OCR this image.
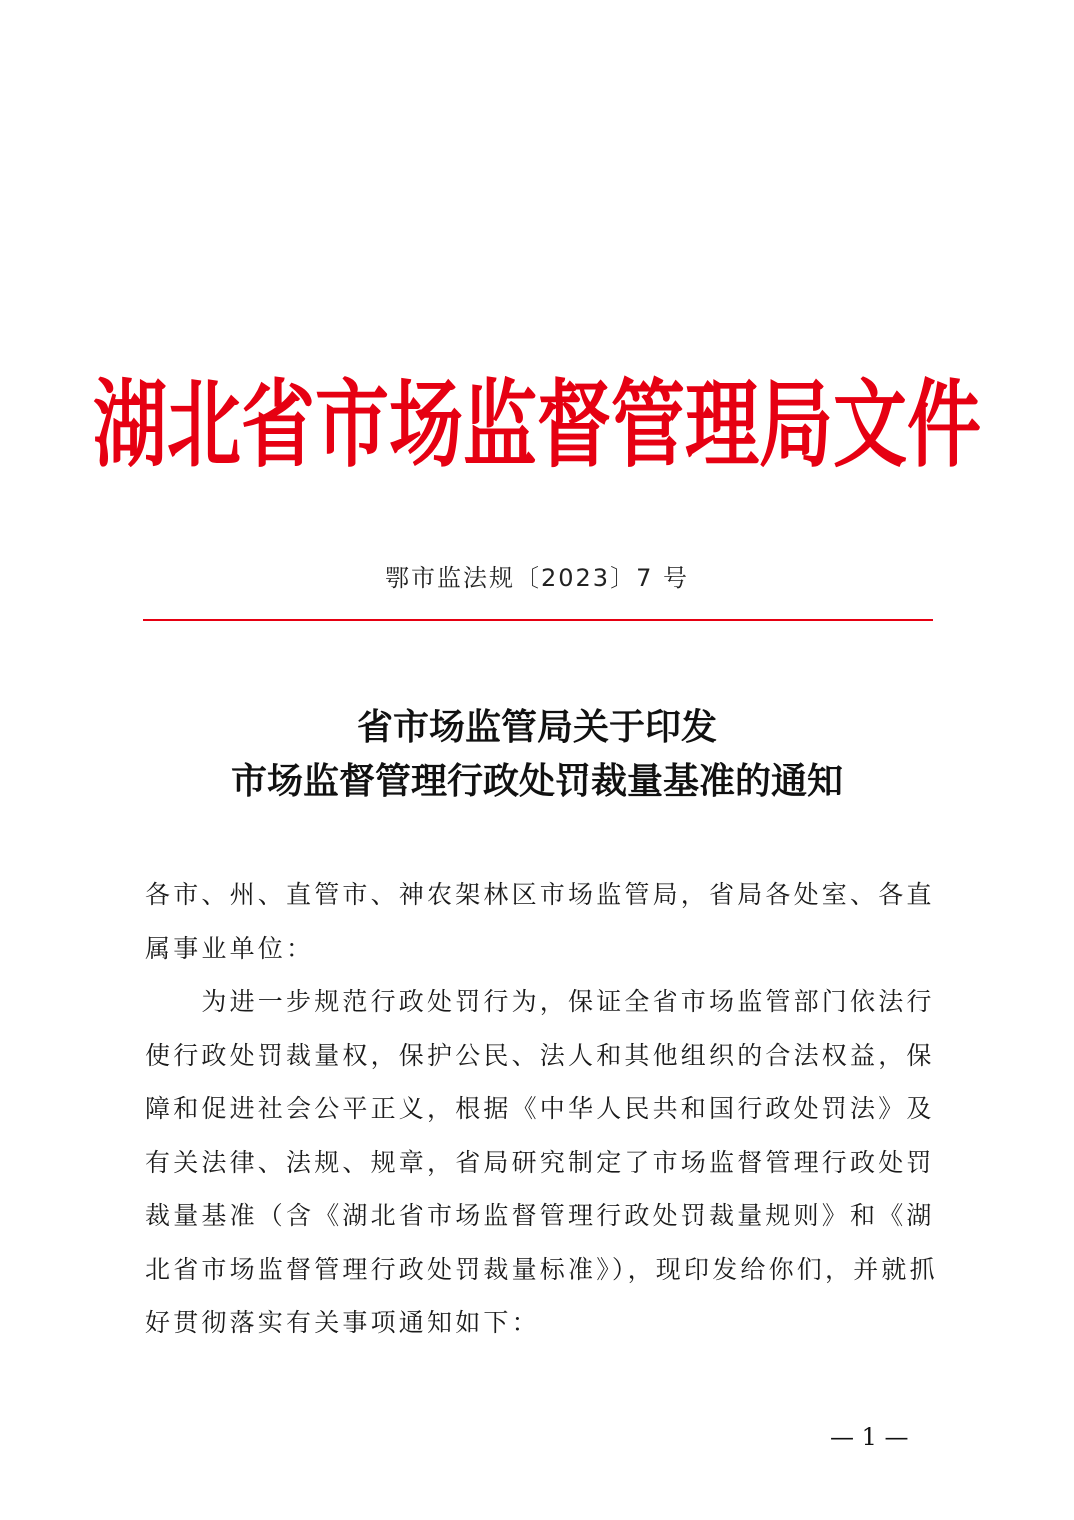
湖北省市场监督管理局文件
鄂市监法规〔2023〕7 号
省市场监管局关于印发
市场监督管理行政处罚裁量基准的通知
各市、州、直管市、神农架林区市场监管局，省局各处室、各直
属事业单位：
　　为进一步规范行政处罚行为，保证全省市场监管部门依法行
使行政处罚裁量权，保护公民、法人和其他组织的合法权益，保
障和促进社会公平正义，根据《中华人民共和国行政处罚法》及
有关法律、法规、规章，省局研究制定了市场监督管理行政处罚
裁量基准（含《湖北省市场监督管理行政处罚裁量规则》和《湖
北省市场监督管理行政处罚裁量标准》），现印发给你们，并就抓
好贯彻落实有关事项通知如下：
— 1 —
